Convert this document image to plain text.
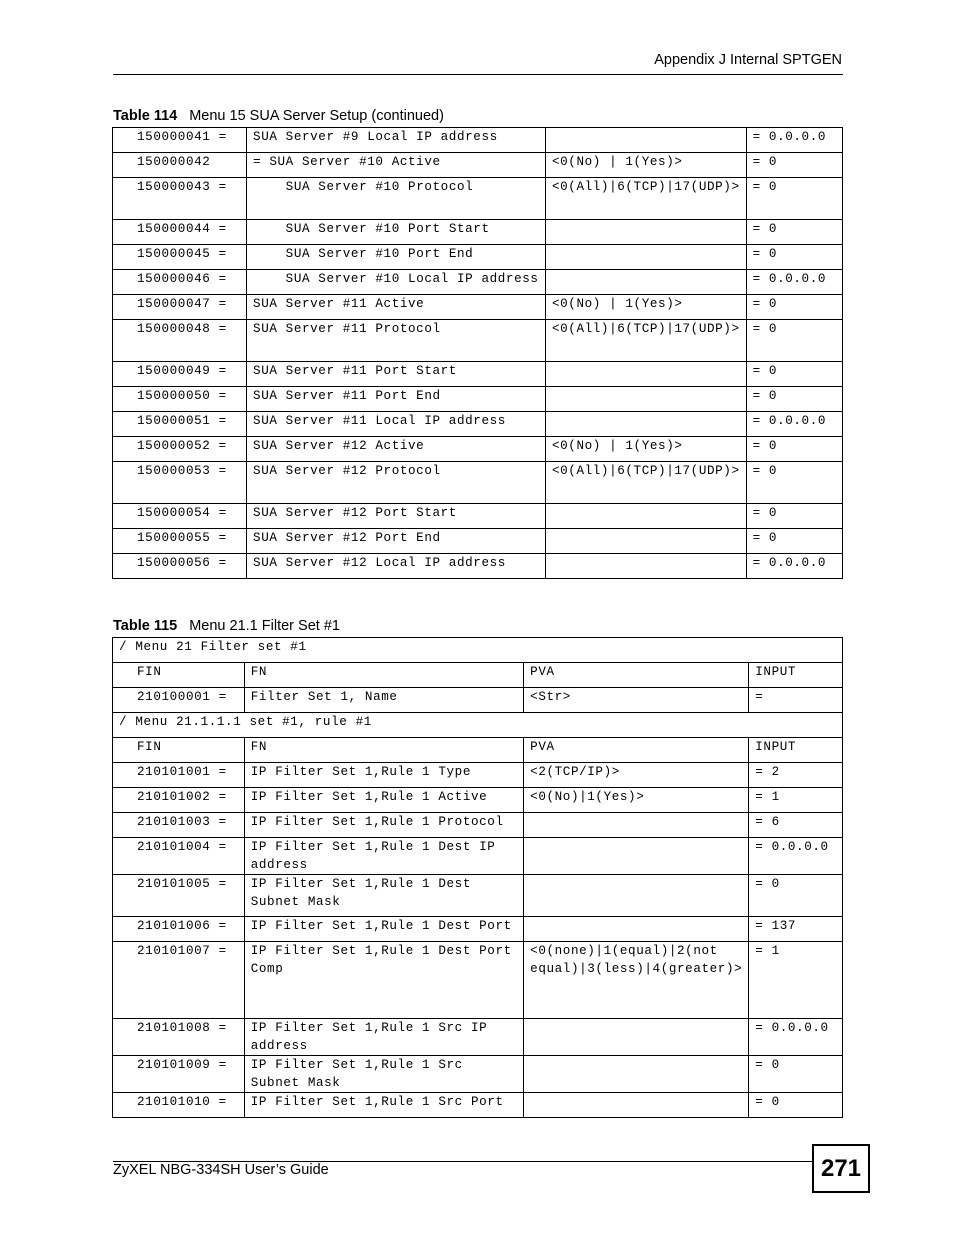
Appendix J Internal SPTGEN
Table 114 Menu 15 SUA Server Setup (continued)
150000041 =	SUA Server #9 Local IP address		= 0.0.0.0
150000042	= SUA Server #10 Active	<0(No) | 1(Yes)>	= 0
150000043 =	SUA Server #10 Protocol	<0(All)|6(TCP)|17(UDP)>	= 0
150000044 =	SUA Server #10 Port Start		= 0
150000045 =	SUA Server #10 Port End		= 0
150000046 =	SUA Server #10 Local IP address		= 0.0.0.0
150000047 =	SUA Server #11 Active	<0(No) | 1(Yes)>	= 0
150000048 =	SUA Server #11 Protocol	<0(All)|6(TCP)|17(UDP)>	= 0
150000049 =	SUA Server #11 Port Start		= 0
150000050 =	SUA Server #11 Port End		= 0
150000051 =	SUA Server #11 Local IP address		= 0.0.0.0
150000052 =	SUA Server #12 Active	<0(No) | 1(Yes)>	= 0
150000053 =	SUA Server #12 Protocol	<0(All)|6(TCP)|17(UDP)>	= 0
150000054 =	SUA Server #12 Port Start		= 0
150000055 =	SUA Server #12 Port End		= 0
150000056 =	SUA Server #12 Local IP address		= 0.0.0.0
Table 115 Menu 21.1 Filter Set #1
/ Menu 21 Filter set #1			
FIN	FN	PVA	INPUT
210100001 =	Filter Set 1, Name	<Str>	=
/ Menu 21.1.1.1 set #1, rule #1			
FIN	FN	PVA	INPUT
210101001 =	IP Filter Set 1,Rule 1 Type	<2(TCP/IP)>	= 2
210101002 =	IP Filter Set 1,Rule 1 Active	<0(No)|1(Yes)>	= 1
210101003 =	IP Filter Set 1,Rule 1 Protocol		= 6
210101004 =	IP Filter Set 1,Rule 1 Dest IP address		= 0.0.0.0
210101005 =	IP Filter Set 1,Rule 1 Dest Subnet Mask		= 0
210101006 =	IP Filter Set 1,Rule 1 Dest Port		= 137
210101007 =	IP Filter Set 1,Rule 1 Dest Port Comp	<0(none)|1(equal)|2(not equal)|3(less)|4(greater)>	= 1
210101008 =	IP Filter Set 1,Rule 1 Src IP address		= 0.0.0.0
210101009 =	IP Filter Set 1,Rule 1 Src Subnet Mask		= 0
210101010 =	IP Filter Set 1,Rule 1 Src Port		= 0
ZyXEL NBG-334SH User’s Guide	271
